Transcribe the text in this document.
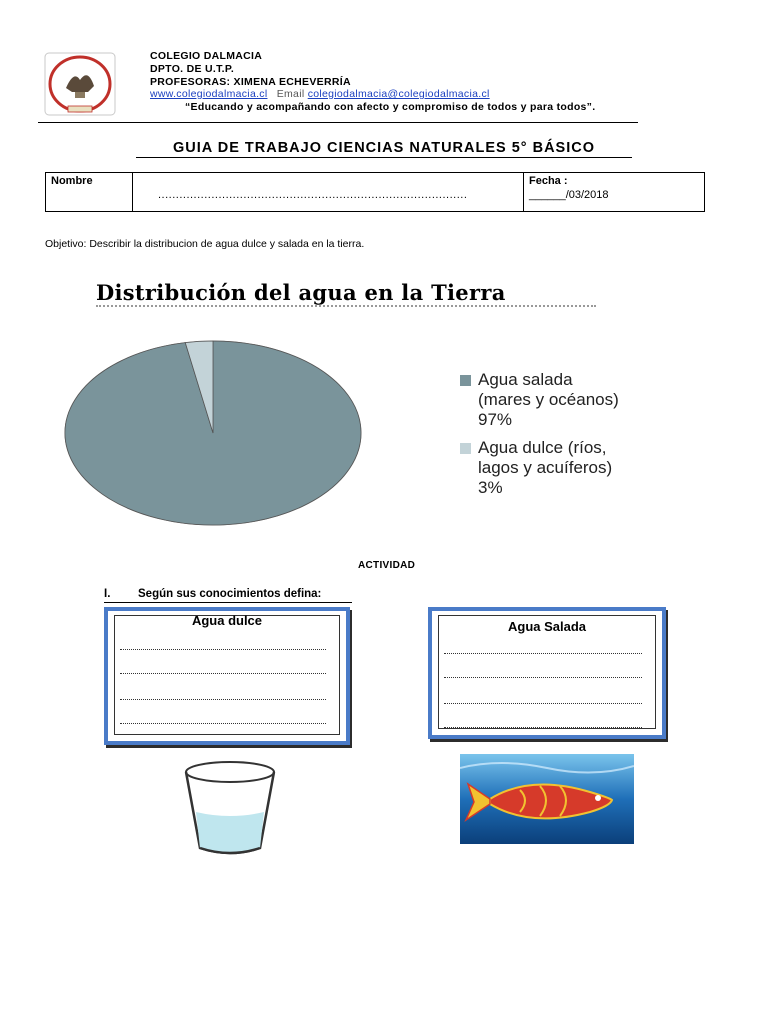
COLEGIO DALMACIA
DPTO. DE U.T.P.
PROFESORAS: XIMENA ECHEVERRÍA
www.colegiodalmacia.cl Email colegiodalmacia@colegiodalmacia.cl
“Educando y acompañando con afecto y compromiso de todos y para todos”.
GUIA DE TRABAJO CIENCIAS NATURALES 5° BÁSICO
Nombre	
.......................................................................................

Fecha :
______/03/2018
Objetivo: Describir la distribucion de agua dulce y salada en la tierra.
Distribución del agua en la Tierra
Agua salada
(mares y océanos)
97%
Agua dulce (ríos,
lagos y acuíferos)
3%
ACTIVIDAD
I. Según sus conocimientos defina:
Agua dulce	Agua Salada
